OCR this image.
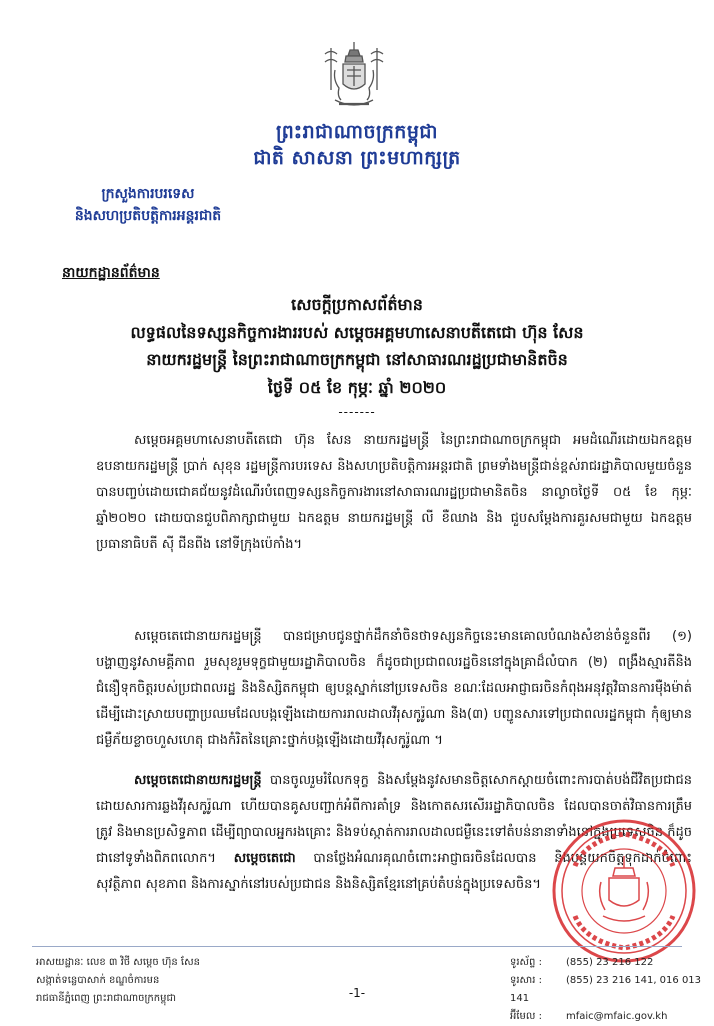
ព្រះរាជាណាចក្រកម្ពុជា
ជាតិ សាសនា ព្រះមហាក្សត្រ
ក្រសួងការបរទេស
និងសហប្រតិបត្តិការអន្តរជាតិ
នាយកដ្ឋានព័ត៌មាន
សេចក្តីប្រកាសព័ត៌មាន
លទ្ធផលនៃទស្សនកិច្ចការងាររបស់ សម្តេចអគ្គមហាសេនាបតីតេជោ ហ៊ុន សែន
នាយករដ្ឋមន្ត្រី នៃព្រះរាជាណាចក្រកម្ពុជា នៅសាធារណរដ្ឋប្រជាមានិតចិន
ថ្ងៃទី ០៥ ខែ កុម្ភៈ ឆ្នាំ ២០២០
-------

សម្តេចអគ្គមហាសេនាបតីតេជោ ហ៊ុន សែន នាយករដ្ឋមន្ត្រី នៃព្រះរាជាណាចក្រកម្ពុជា អមដំណើរដោយឯកឧត្តមឧបនាយករដ្ឋមន្ត្រី ប្រាក់ សុខុន រដ្ឋមន្ត្រីការបរទេស និងសហប្រតិបត្តិការអន្តរជាតិ ព្រមទាំងមន្ត្រីជាន់ខ្ពស់រាជរដ្ឋាភិបាលមួយចំនួន បានបញ្ចប់ដោយជោគជ័យនូវដំណើរបំពេញទស្សនកិច្ចការងារនៅសាធារណរដ្ឋប្រជាមានិតចិន នាល្ងាចថ្ងៃទី ០៥ ខែ កុម្ភៈ ឆ្នាំ២០២០ ដោយបានជួបពិភាក្សាជាមួយ ឯកឧត្តម នាយករដ្ឋមន្ត្រី លី ខឺឈាង និង ជួបសម្តែងការគួរសមជាមួយ ឯកឧត្តម ប្រធានាធិបតី ស៊ី ជីនពីង នៅទីក្រុងប៉េកាំង។

សម្តេចតេជោនាយករដ្ឋមន្ត្រី បានជម្រាបជូនថ្នាក់ដឹកនាំចិនថាទស្សនកិច្ចនេះមានគោលបំណងសំខាន់ចំនួនពីរ (១) បង្ហាញនូវសាមគ្គីភាព រួមសុខរួមទុក្ខជាមួយរដ្ឋាភិបាលចិន ក៏ដូចជាប្រជាពលរដ្ឋចិននៅក្នុងគ្រាដ៏លំបាក (២) ពង្រឹងស្មារតីនិងជំនឿទុកចិត្តរបស់ប្រជាពលរដ្ឋ និងនិស្សិតកម្ពុជា ឲ្យបន្តស្នាក់នៅប្រទេសចិន ខណៈដែលអាជ្ញាធរចិនកំពុងអនុវត្តវិធានការម៉ឺងម៉ាត់ដើម្បីដោះស្រាយបញ្ហាប្រឈមដែលបង្កឡើងដោយការរាលដាលវីរុសកូរ៉ូណា និង(៣) បញ្ជូនសារទៅប្រជាពលរដ្ឋកម្ពុជា កុំឲ្យមានជម្ងឺភ័យខ្លាចហួសហេតុ ជាងកំរិតនៃគ្រោះថ្នាក់បង្កឡើងដោយវីរុសកូរ៉ូណា ។

សម្តេចតេជោនាយករដ្ឋមន្ត្រី បានចូលរួមរំលែកទុក្ខ និងសម្តែងនូវសមានចិត្តសោកស្តាយចំពោះការបាត់បង់ជីវិតប្រជាជនដោយសារការឆ្លងវីរុសកូរ៉ូណា ហើយបានគូសបញ្ជាក់អំពីការគាំទ្រ និងកោតសរសើររដ្ឋាភិបាលចិន ដែលបានចាត់វិធានការត្រឹមត្រូវ និងមានប្រសិទ្ធភាព ដើម្បីព្យាបាលអ្នករងគ្រោះ និងទប់ស្កាត់ការរាលដាលជម្ងឺនេះទៅតំបន់នានាទាំងនៅក្នុងប្រទេសចិន ក៏ដូចជានៅទូទាំងពិភពលោក។ សម្តេចតេជោ បានថ្លែងអំណរគុណចំពោះអាជ្ញាធរចិនដែលបាន និងបន្តយកចិត្តទុកដាក់ចំពោះសុវត្ថិភាព សុខភាព និងការស្នាក់នៅរបស់ប្រជាជន និងនិស្សិតខ្មែរនៅគ្រប់តំបន់ក្នុងប្រទេសចិន។

អាសយដ្ឋានៈ លេខ ៣ វិថី សម្តេច ហ៊ុន សែន
សង្កាត់ទន្លេបាសាក់ ខណ្ឌចំការមន
រាជធានីភ្នំពេញ ព្រះរាជាណាចក្រកម្ពុជា
ទូរស័ព្ទ : (855) 23 216 122
ទូរសារ : (855) 23 216 141, 016 013 141
អ៊ីមែល : mfaic@mfaic.gov.kh
-1-
